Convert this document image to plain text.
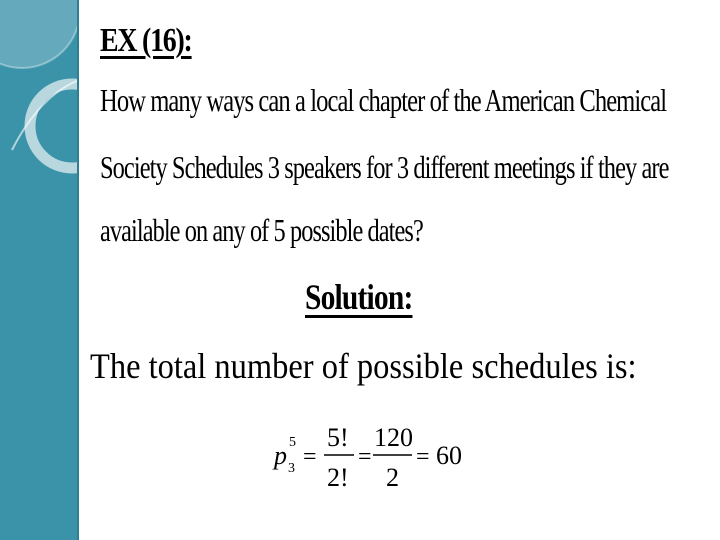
EX (16):
How many ways can a local chapter of the American Chemical
Society Schedules 3 speakers for 3 different meetings if they are
available on any of 5 possible dates?
Solution:
The total number of possible schedules is:
p 5
3 =
5!
2!
=
120
2
= 60
